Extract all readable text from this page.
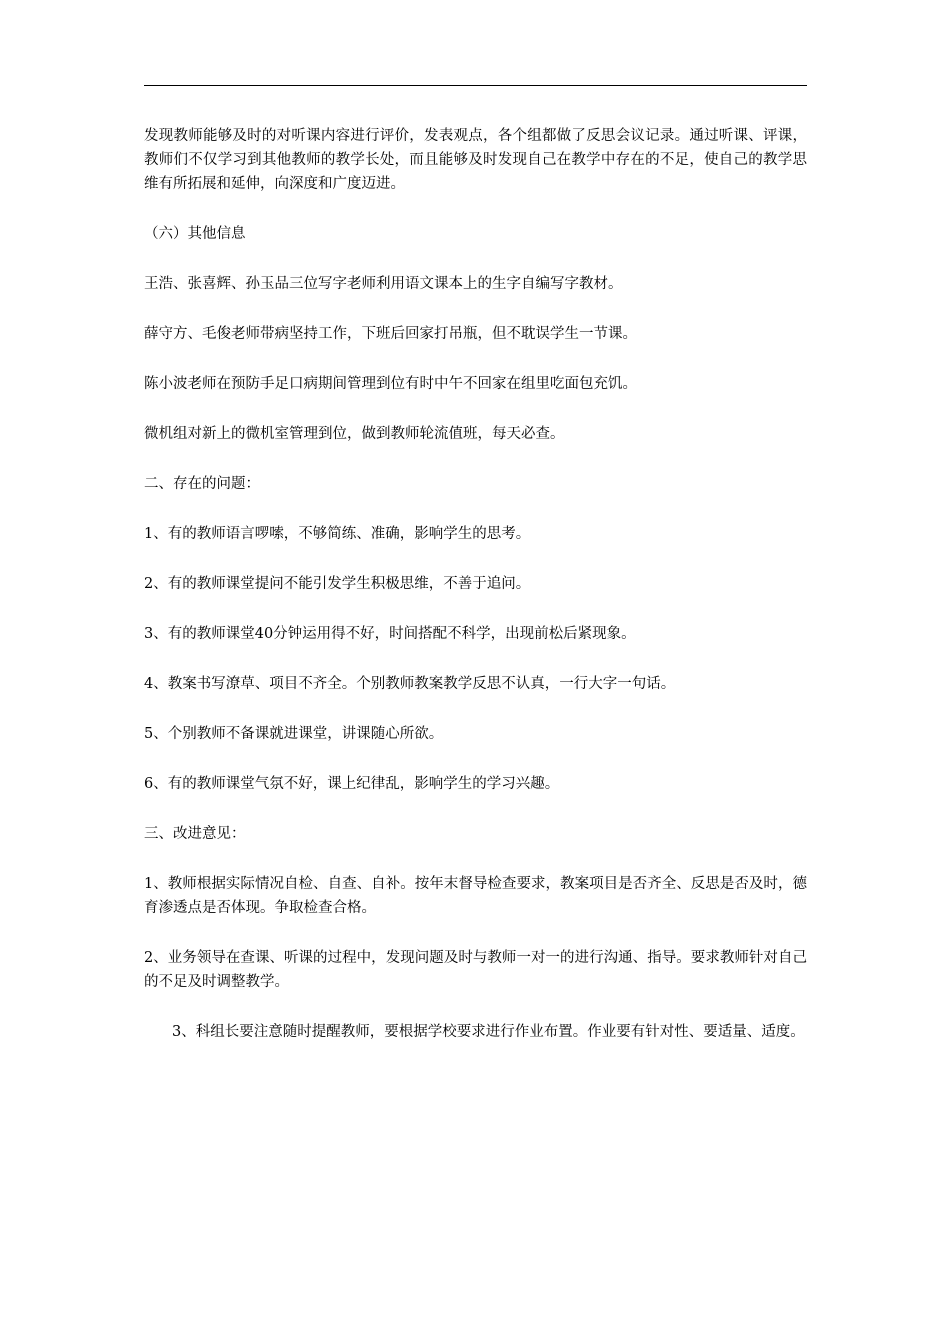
发现教师能够及时的对听课内容进行评价，发表观点，各个组都做了反思会议记录。通过听课、评课，教师们不仅学习到其他教师的教学长处，而且能够及时发现自己在教学中存在的不足，使自己的教学思维有所拓展和延伸，向深度和广度迈进。

（六）其他信息

王浩、张喜辉、孙玉品三位写字老师利用语文课本上的生字自编写字教材。

薛守方、毛俊老师带病坚持工作，下班后回家打吊瓶，但不耽误学生一节课。

陈小波老师在预防手足口病期间管理到位有时中午不回家在组里吃面包充饥。

微机组对新上的微机室管理到位，做到教师轮流值班，每天必查。

二、存在的问题：

1、有的教师语言啰嗦，不够简练、准确，影响学生的思考。

2、有的教师课堂提问不能引发学生积极思维，不善于追问。

3、有的教师课堂40分钟运用得不好，时间搭配不科学，出现前松后紧现象。

4、教案书写潦草、项目不齐全。个别教师教案教学反思不认真，一行大字一句话。

5、个别教师不备课就进课堂，讲课随心所欲。

6、有的教师课堂气氛不好，课上纪律乱，影响学生的学习兴趣。

三、改进意见：

1、教师根据实际情况自检、自查、自补。按年末督导检查要求，教案项目是否齐全、反思是否及时，德育渗透点是否体现。争取检查合格。

2、业务领导在查课、听课的过程中，发现问题及时与教师一对一的进行沟通、指导。要求教师针对自己的不足及时调整教学。

3、科组长要注意随时提醒教师，要根据学校要求进行作业布置。作业要有针对性、要适量、适度。
